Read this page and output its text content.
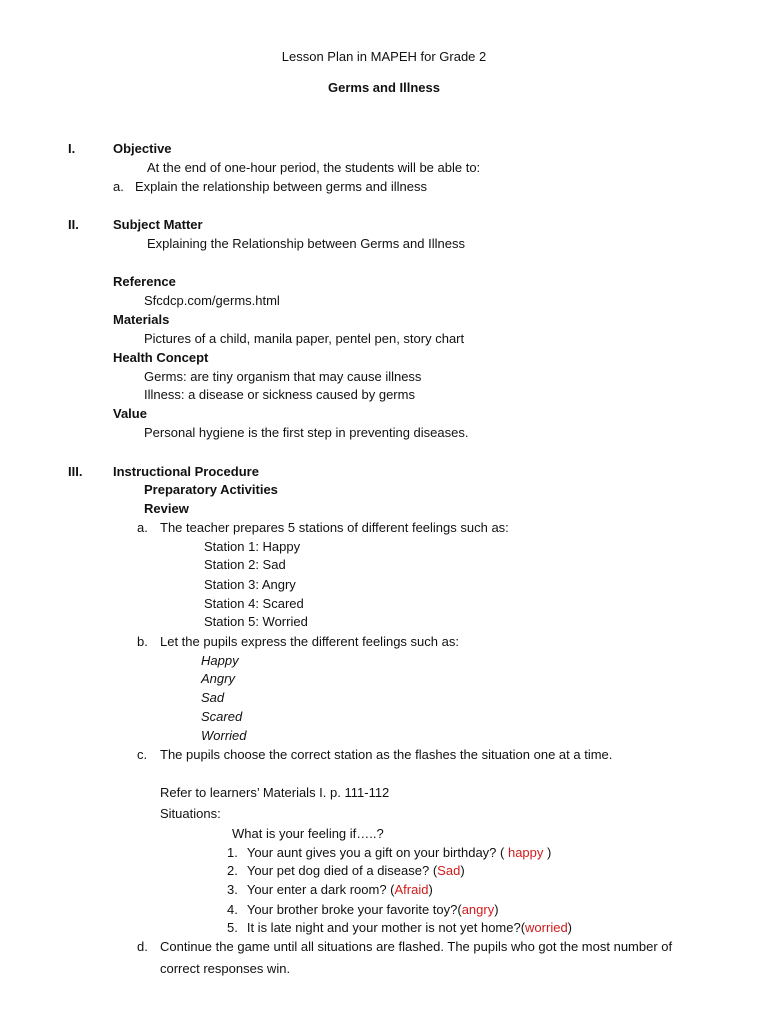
Lesson Plan in MAPEH for Grade 2
Germs and Illness
I.	Objective
At the end of one-hour period, the students will be able to:
a. Explain the relationship between germs and illness
II.	Subject Matter
Explaining the Relationship between Germs and Illness
Reference
Sfcdcp.com/germs.html
Materials
Pictures of a child, manila paper, pentel pen, story chart
Health Concept
Germs: are tiny organism that may cause illness
Illness: a disease or sickness caused by germs
Value
Personal hygiene is the first step in preventing diseases.
III. Instructional Procedure
Preparatory Activities
Review
a. The teacher prepares 5 stations of different feelings such as:
Station 1: Happy
Station 2: Sad
Station 3: Angry
Station 4: Scared
Station 5: Worried
b. Let the pupils express the different feelings such as:
Happy
Angry
Sad
Scared
Worried
c. The pupils choose the correct station as the flashes the situation one at a time.
Refer to learners’ Materials I. p. 111-112
Situations:
What is your feeling if…..?
1. Your aunt gives you a gift on your birthday? ( happy )
2. Your pet dog died of a disease? (Sad)
3. Your enter a dark room? (Afraid)
4. Your brother broke your favorite toy?(angry)
5. It is late night and your mother is not yet home?(worried)
d. Continue the game until all situations are flashed. The pupils who got the most number of
correct responses win.
